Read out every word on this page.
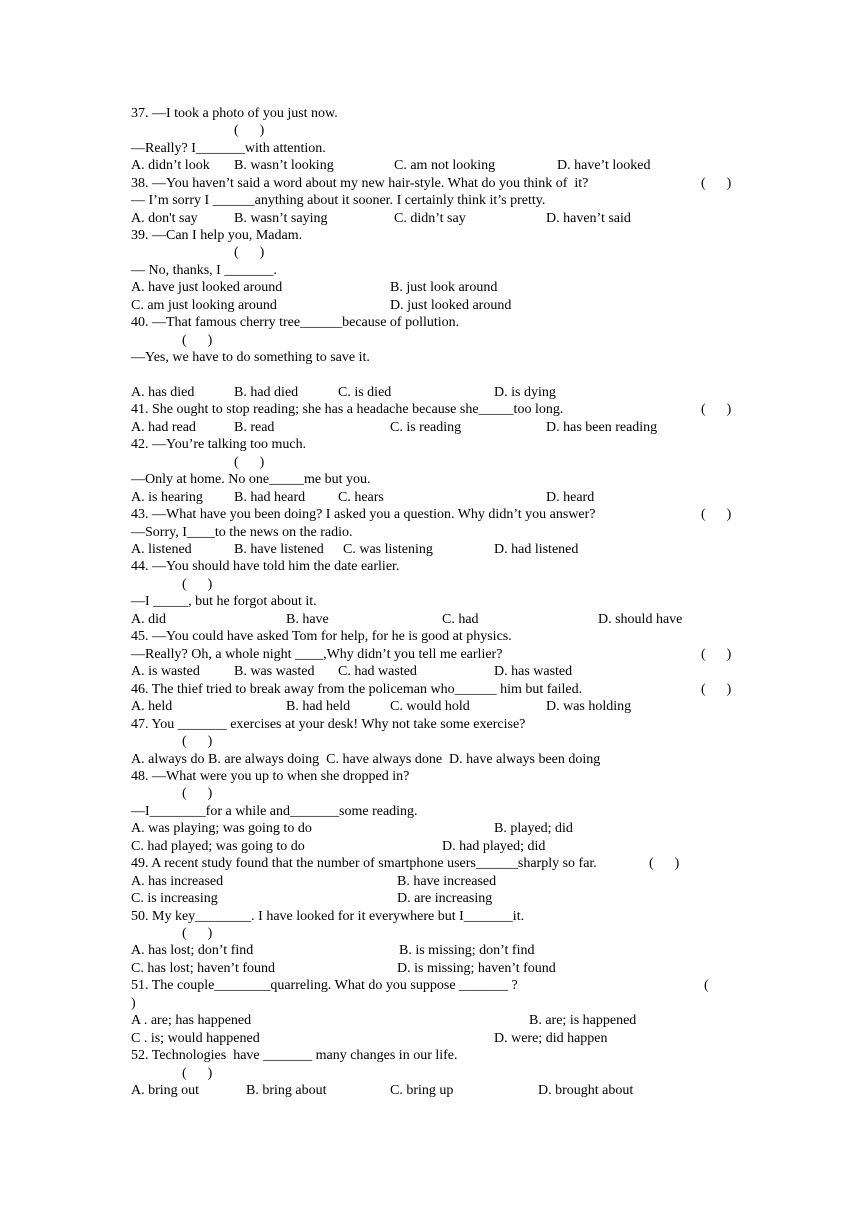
37. —I took a photo of you just now.
(      )
—Really? I_______with attention.
A. didn’t look B. wasn’t looking	C. am not looking	D. have’t looked
38. —You haven’t said a word about my new hair-style. What do you think of  it?	(      )
— I’m sorry I ______anything about it sooner. I certainly think it’s pretty.
A. don't say	B. wasn’t saying	C. didn’t say	D. haven’t said
39. —Can I help you, Madam.
(      )
— No, thanks, I _______.
A. have just looked around	B. just look around
C. am just looking around	D. just looked around
40. —That famous cherry tree______because of pollution.
(      )
—Yes, we have to do something to save it.
A. has died	B. had died	C. is died	D. is dying
41. She ought to stop reading; she has a headache because she_____too long.	(      )
A. had read	B. read	C. is reading	D. has been reading
42. —You’re talking too much.
(      )
—Only at home. No one_____me but you.
A. is hearing B. had heard C. hears	D. heard
43. —What have you been doing? I asked you a question. Why didn’t you answer?	(      )
—Sorry, I____to the news on the radio.
A. listened	B. have listened C. was listening	D. had listened
44. —You should have told him the date earlier.
(      )
—I _____, but he forgot about it.
A. did	B. have	C. had	D. should have
45. —You could have asked Tom for help, for he is good at physics.
—Really? Oh, a whole night ____,Why didn’t you tell me earlier?	(      )
A. is wasted B. was wasted C. had wasted	D. has wasted
46. The thief tried to break away from the policeman who______ him but failed.	(      )
A. held	B. had held	C. would hold	D. was holding
47. You _______ exercises at your desk! Why not take some exercise?
(      )
A. always do B. are always doing  C. have always done  D. have always been doing
48. —What were you up to when she dropped in?
(      )
—I________for a while and_______some reading.
A. was playing; was going to do	B. played; did
C. had played; was going to do	D. had played; did
49. A recent study found that the number of smartphone users______sharply so far.	(      )
A. has increased	B. have increased
C. is increasing	D. are increasing
50. My key________. I have looked for it everywhere but I_______it.
(      )
A. has lost; don’t find	B. is missing; don’t find
C. has lost; haven’t found	D. is missing; haven’t found
51. The couple________quarreling. What do you suppose _______ ?	(
)
A . are; has happened	B. are; is happened
C . is; would happened	D. were; did happen
52. Technologies  have _______ many changes in our life.
(      )
A. bring out	B. bring about	C. bring up	D. brought about
